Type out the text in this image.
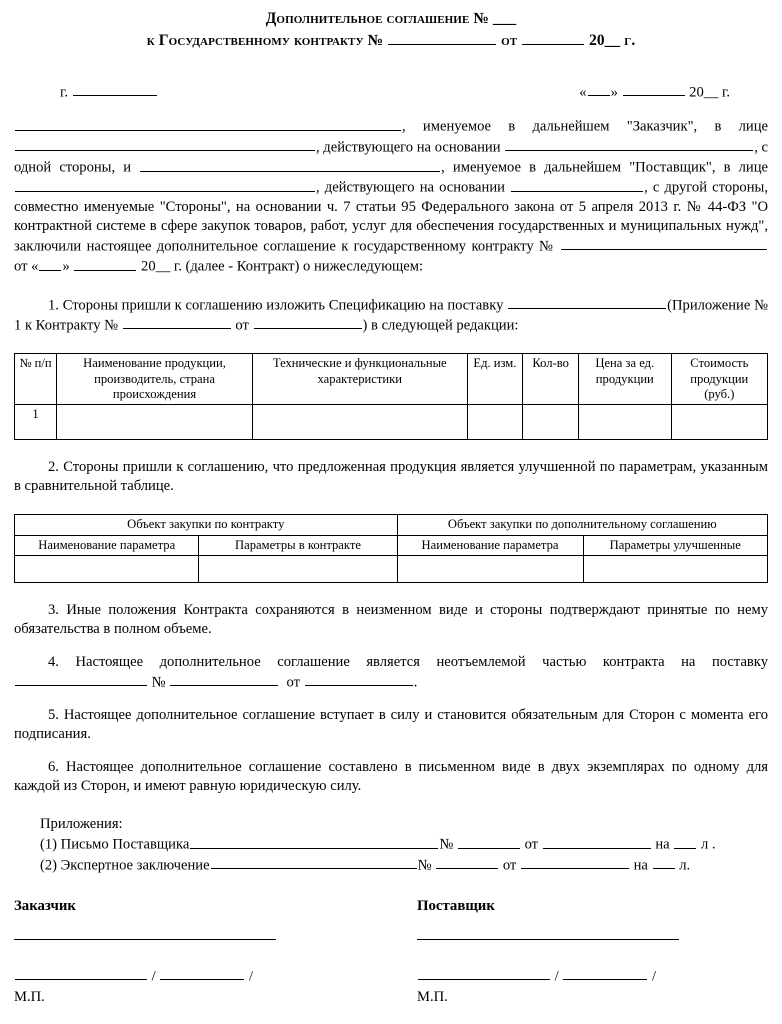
Дополнительное соглашение № ___
к Государственному контракту №	от	20__ г.
г.	« »	20__ г.

, именуемое в дальнейшем "Заказчик", в лице , действующего на основании	, с одной стороны, и	, именуемое в дальнейшем "Поставщик", в лице , действующего на основании	, с другой стороны, совместно именуемые "Стороны", на основании ч. 7 статьи 95 Федерального закона от 5 апреля 2013 г. № 44-ФЗ "О контрактной системе в сфере закупок товаров, работ, услуг для обеспечения государственных и муниципальных нужд", заключили настоящее дополнительное соглашение к государственному контракту №  от « »	20__ г. (далее - Контракт) о нижеследующем:

1. Стороны пришли к соглашению изложить Спецификацию на поставку	(Приложение № 1 к Контракту №	от	) в следующей редакции:

№ п/п	Наименование продукции, производитель, страна происхождения	Технические и функциональные характеристики	Ед. изм.	Кол-во	Цена за ед. продукции	Стоимость продукции (руб.)
1						

2. Стороны пришли к соглашению, что предложенная продукция является улучшенной по параметрам, указанным в сравнительной таблице.

Объект закупки по контракту		Объект закупки по дополнительному соглашению	
Наименование параметра	Параметры в контракте	Наименование параметра	Параметры улучшенные

3. Иные положения Контракта сохраняются в неизменном виде и стороны подтверждают принятые по нему обязательства в полном объеме.

4. Настоящее дополнительное соглашение является неотъемлемой частью контракта на поставку  №	от	.

5. Настоящее дополнительное соглашение вступает в силу и становится обязательным для Сторон с момента его подписания.

6. Настоящее дополнительное соглашение составлено в письменном виде в двух экземплярах по одному для каждой из Сторон, и имеют равную юридическую силу.

Приложения:
(1) Письмо Поставщика	№	от	на л .
(2) Экспертное заключение	№	от	на л.
Заказчик
/	/
М.П.
Поставщик
/	/
М.П.
